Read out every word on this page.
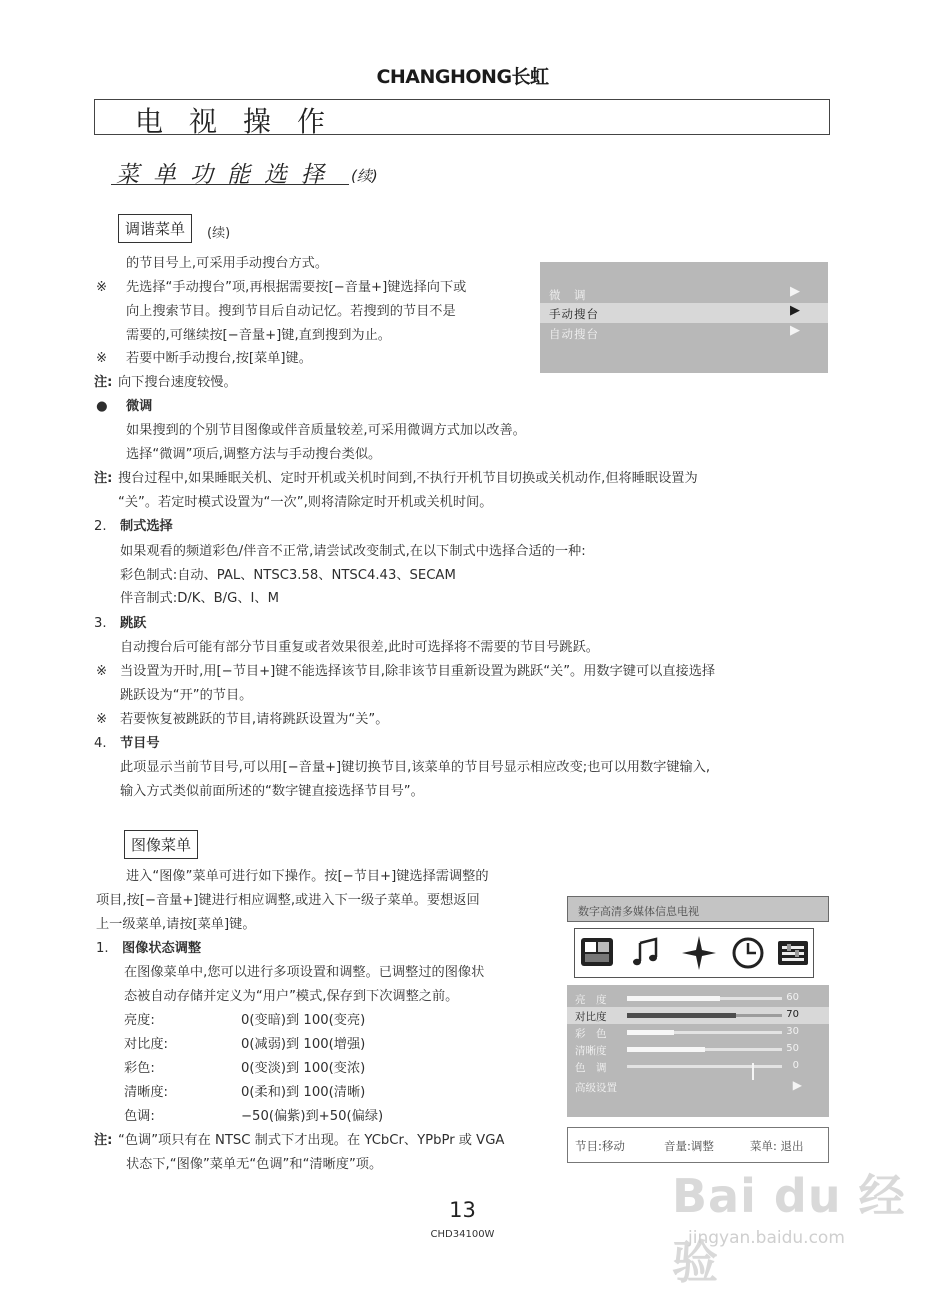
CHANGHONG长虹
电视操作
菜单功能选择 (续)
调谐菜单	(续)
的节目号上,可采用手动搜台方式。
※ 先选择“手动搜台”项,再根据需要按[−音量+]键选择向下或
向上搜索节目。搜到节目后自动记忆。若搜到的节目不是
需要的,可继续按[−音量+]键,直到搜到为止。
※ 若要中断手动搜台,按[菜单]键。
注: 向下搜台速度较慢。
● 微调
如果搜到的个别节目图像或伴音质量较差,可采用微调方式加以改善。
选择“微调”项后,调整方法与手动搜台类似。
注: 搜台过程中,如果睡眠关机、定时开机或关机时间到,不执行开机节目切换或关机动作,但将睡眠设置为
“关”。若定时模式设置为“一次”,则将清除定时开机或关机时间。
2. 制式选择
如果观看的频道彩色/伴音不正常,请尝试改变制式,在以下制式中选择合适的一种:
彩色制式:自动、PAL、NTSC3.58、NTSC4.43、SECAM
伴音制式:D/K、B/G、I、M
3. 跳跃
自动搜台后可能有部分节目重复或者效果很差,此时可选择将不需要的节目号跳跃。
※ 当设置为开时,用[−节目+]键不能选择该节目,除非该节目重新设置为跳跃“关”。用数字键可以直接选择
跳跃设为“开”的节目。
※ 若要恢复被跳跃的节目,请将跳跃设置为“关”。
4. 节目号
此项显示当前节目号,可以用[−音量+]键切换节目,该菜单的节目号显示相应改变;也可以用数字键输入,
输入方式类似前面所述的“数字键直接选择节目号”。
微　调	▶
手动搜台	▶
自动搜台	▶
图像菜单
进入“图像”菜单可进行如下操作。按[−节目+]键选择需调整的
项目,按[−音量+]键进行相应调整,或进入下一级子菜单。要想返回
上一级菜单,请按[菜单]键。
1. 图像状态调整
在图像菜单中,您可以进行多项设置和调整。已调整过的图像状
态被自动存储并定义为“用户”模式,保存到下次调整之前。
亮度:	0(变暗)到 100(变亮)
对比度:	0(减弱)到 100(增强)
彩色:	0(变淡)到 100(变浓)
清晰度:	0(柔和)到 100(清晰)
色调:	−50(偏紫)到+50(偏绿)
注: “色调”项只有在 NTSC 制式下才出现。在 YCbCr、YPbPr 或 VGA
状态下,“图像”菜单无“色调”和“清晰度”项。
数字高清多媒体信息电视
亮　度	60
对比度	70
彩　色	30
清晰度	50
色　调	0
高级设置	▶
节目:移动	音量:调整	菜单: 退出
13
CHD34100W
Bai du 经验
jingyan.baidu.com
